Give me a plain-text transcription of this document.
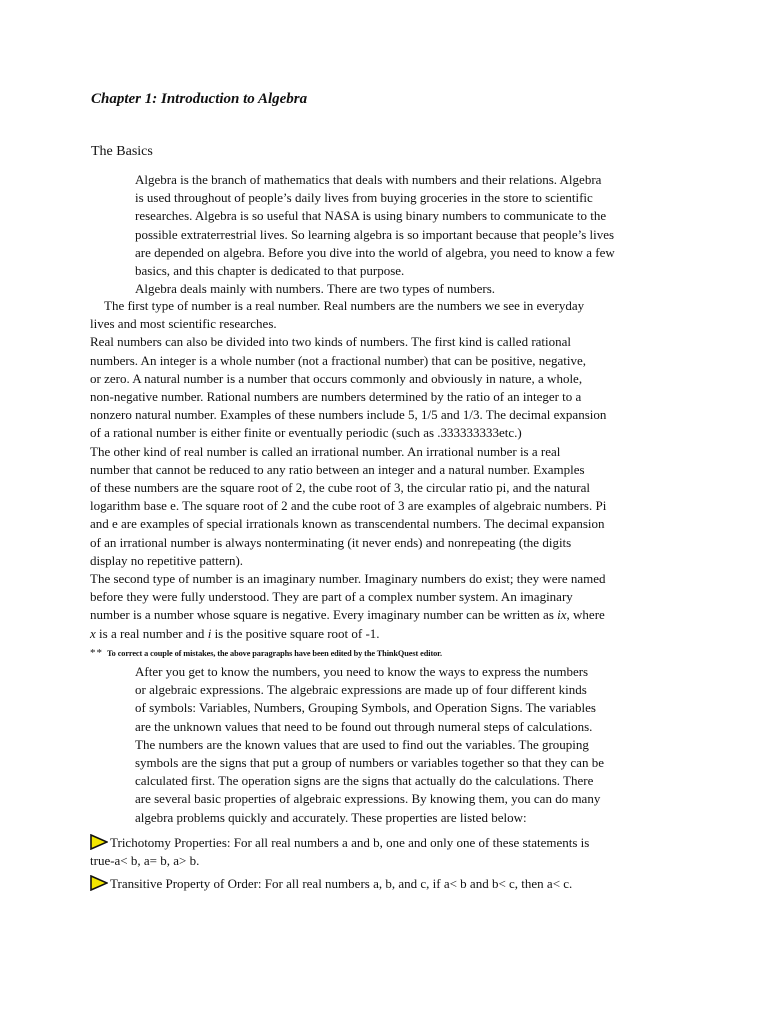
Chapter 1: Introduction to Algebra
The Basics

Algebra is the branch of mathematics that deals with numbers and their relations. Algebra

is used throughout of people’s daily lives from buying groceries in the store to scientific

researches. Algebra is so useful that NASA is using binary numbers to communicate to the

possible extraterrestrial lives. So learning algebra is so important because that people’s lives

are depended on algebra. Before you dive into the world of algebra, you need to know a few

basics, and this chapter is dedicated to that purpose.

Algebra deals mainly with numbers. There are two types of numbers.

The first type of number is a real number. Real numbers are the numbers we see in everyday

lives and most scientific researches.

Real numbers can also be divided into two kinds of numbers. The first kind is called rational

numbers. An integer is a whole number (not a fractional number) that can be positive, negative,

or zero. A natural number is a number that occurs commonly and obviously in nature, a whole,

non-negative number. Rational numbers are numbers determined by the ratio of an integer to a

nonzero natural number. Examples of these numbers include 5, 1/5 and 1/3. The decimal expansion

of a rational number is either finite or eventually periodic (such as .333333333etc.)

The other kind of real number is called an irrational number. An irrational number is a real

number that cannot be reduced to any ratio between an integer and a natural number. Examples

of these numbers are the square root of 2, the cube root of 3, the circular ratio pi, and the natural

logarithm base e. The square root of 2 and the cube root of 3 are examples of algebraic numbers. Pi

and e are examples of special irrationals known as transcendental numbers. The decimal expansion

of an irrational number is always nonterminating (it never ends) and nonrepeating (the digits

display no repetitive pattern).

The second type of number is an imaginary number. Imaginary numbers do exist; they were named

before they were fully understood. They are part of a complex number system. An imaginary

number is a number whose square is negative. Every imaginary number can be written as ix, where

x is a real number and i is the positive square root of -1.

** To correct a couple of mistakes, the above paragraphs have been edited by the ThinkQuest editor.

After you get to know the numbers, you need to know the ways to express the numbers

or algebraic expressions. The algebraic expressions are made up of four different kinds

of symbols: Variables, Numbers, Grouping Symbols, and Operation Signs. The variables

are the unknown values that need to be found out through numeral steps of calculations.

The numbers are the known values that are used to find out the variables. The grouping

symbols are the signs that put a group of numbers or variables together so that they can be

calculated first. The operation signs are the signs that actually do the calculations. There

are several basic properties of algebraic expressions. By knowing them, you can do many

algebra problems quickly and accurately. These properties are listed below:

Trichotomy Properties: For all real numbers a and b, one and only one of these statements is

true-a< b, a= b, a> b.

Transitive Property of Order: For all real numbers a, b, and c, if a< b and b< c, then a< c.
